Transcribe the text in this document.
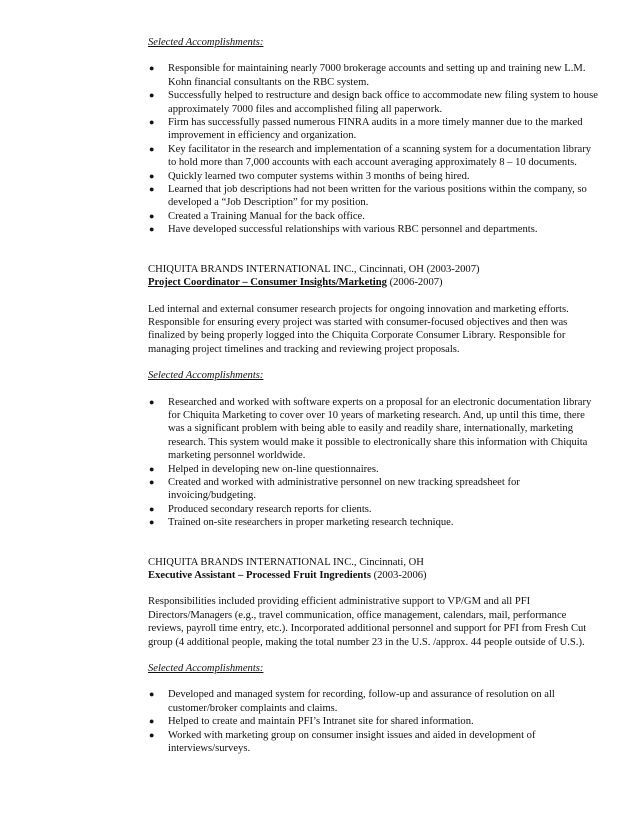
Selected Accomplishments:

● Responsible for maintaining nearly 7000 brokerage accounts and setting up and training new L.M. Kohn financial consultants on the RBC system.
● Successfully helped to restructure and design back office to accommodate new filing system to house approximately 7000 files and accomplished filing all paperwork.
● Firm has successfully passed numerous FINRA audits in a more timely manner due to the marked improvement in efficiency and organization.
● Key facilitator in the research and implementation of a scanning system for a documentation library to hold more than 7,000 accounts with each account averaging approximately 8 – 10 documents.
● Quickly learned two computer systems within 3 months of being hired.
● Learned that job descriptions had not been written for the various positions within the company, so developed a “Job Description” for my position.
● Created a Training Manual for the back office.
● Have developed successful relationships with various RBC personnel and departments.

CHIQUITA BRANDS INTERNATIONAL INC., Cincinnati, OH (2003-2007)

Project Coordinator – Consumer Insights/Marketing (2006-2007)

Led internal and external consumer research projects for ongoing innovation and marketing efforts. Responsible for ensuring every project was started with consumer-focused objectives and then was finalized by being properly logged into the Chiquita Corporate Consumer Library. Responsible for managing project timelines and tracking and reviewing project proposals.

Selected Accomplishments:

● Researched and worked with software experts on a proposal for an electronic documentation library for Chiquita Marketing to cover over 10 years of marketing research. And, up until this time, there was a significant problem with being able to easily and readily share, internationally, marketing research. This system would make it possible to electronically share this information with Chiquita marketing personnel worldwide.
● Helped in developing new on-line questionnaires.
● Created and worked with administrative personnel on new tracking spreadsheet for invoicing/budgeting.
● Produced secondary research reports for clients.
● Trained on-site researchers in proper marketing research technique.

CHIQUITA BRANDS INTERNATIONAL INC., Cincinnati, OH

Executive Assistant – Processed Fruit Ingredients (2003-2006)

Responsibilities included providing efficient administrative support to VP/GM and all PFI Directors/Managers (e.g., travel communication, office management, calendars, mail, performance reviews, payroll time entry, etc.). Incorporated additional personnel and support for PFI from Fresh Cut group (4 additional people, making the total number 23 in the U.S. /approx. 44 people outside of U.S.).

Selected Accomplishments:

● Developed and managed system for recording, follow-up and assurance of resolution on all customer/broker complaints and claims.
● Helped to create and maintain PFI’s Intranet site for shared information.
● Worked with marketing group on consumer insight issues and aided in development of interviews/surveys.
